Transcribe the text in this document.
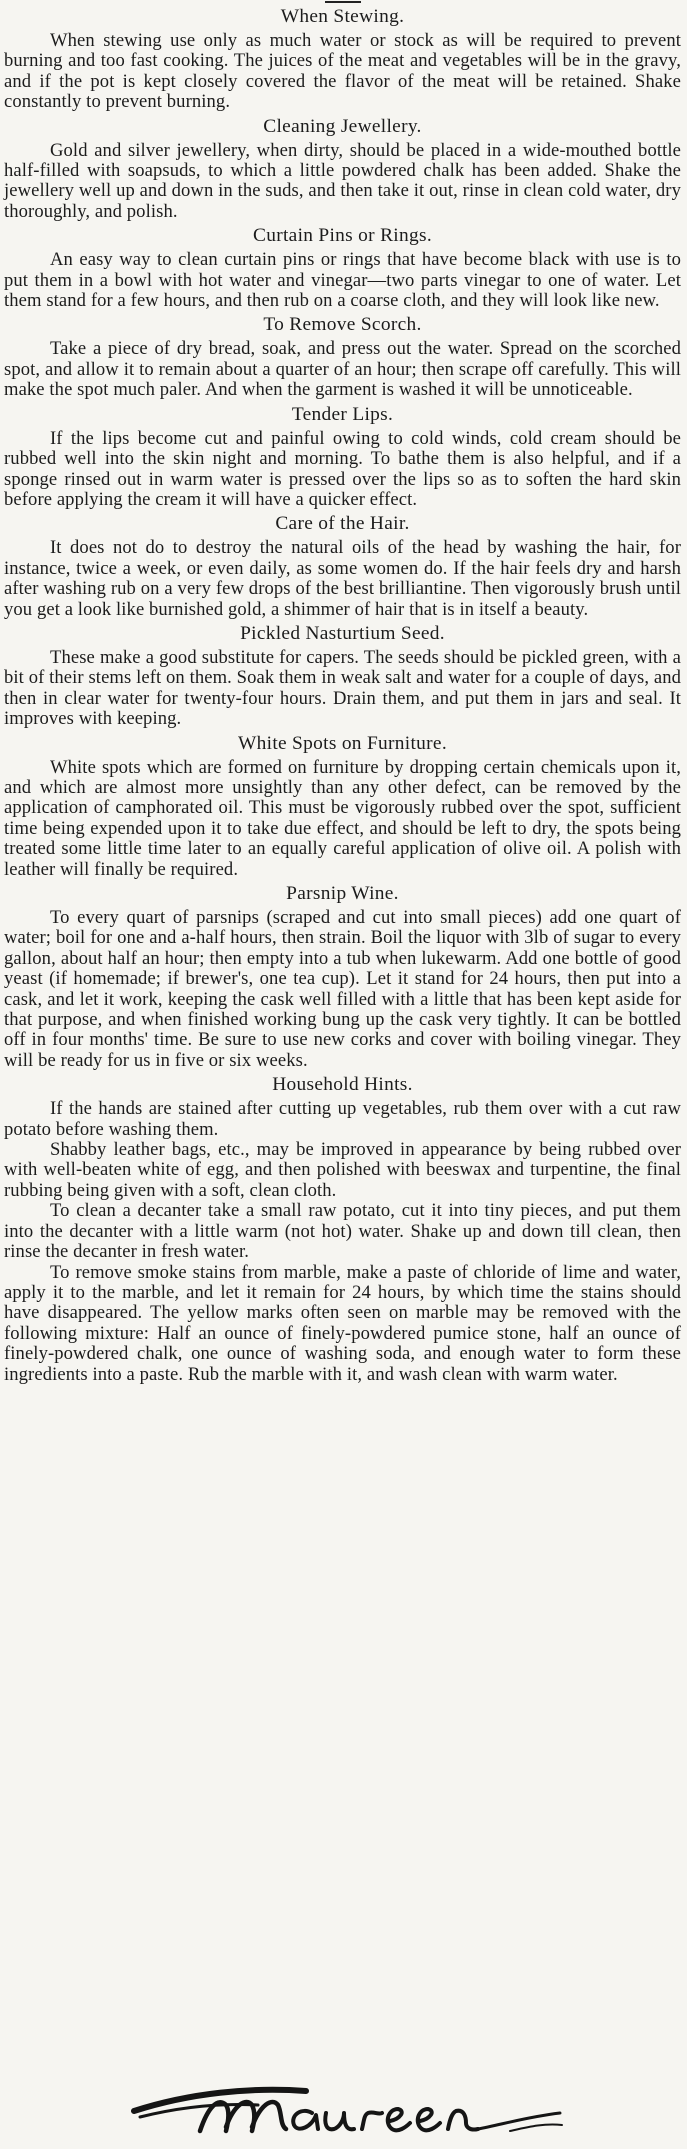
When Stewing.

When stewing use only as much water or stock as will be required to prevent burning and too fast cooking. The juices of the meat and vegetables will be in the gravy, and if the pot is kept closely covered the flavor of the meat will be retained. Shake constantly to prevent burning.

Cleaning Jewellery.

Gold and silver jewellery, when dirty, should be placed in a wide-mouthed bottle half-filled with soapsuds, to which a little powdered chalk has been added. Shake the jewellery well up and down in the suds, and then take it out, rinse in clean cold water, dry thoroughly, and polish.

Curtain Pins or Rings.

An easy way to clean curtain pins or rings that have become black with use is to put them in a bowl with hot water and vinegar—two parts vinegar to one of water. Let them stand for a few hours, and then rub on a coarse cloth, and they will look like new.

To Remove Scorch.

Take a piece of dry bread, soak, and press out the water. Spread on the scorched spot, and allow it to remain about a quarter of an hour; then scrape off carefully. This will make the spot much paler. And when the garment is washed it will be unnoticeable.

Tender Lips.

If the lips become cut and painful owing to cold winds, cold cream should be rubbed well into the skin night and morning. To bathe them is also helpful, and if a sponge rinsed out in warm water is pressed over the lips so as to soften the hard skin before applying the cream it will have a quicker effect.

Care of the Hair.

It does not do to destroy the natural oils of the head by washing the hair, for instance, twice a week, or even daily, as some women do. If the hair feels dry and harsh after washing rub on a very few drops of the best brilliantine. Then vigorously brush until you get a look like burnished gold, a shimmer of hair that is in itself a beauty.

Pickled Nasturtium Seed.

These make a good substitute for capers. The seeds should be pickled green, with a bit of their stems left on them. Soak them in weak salt and water for a couple of days, and then in clear water for twenty-four hours. Drain them, and put them in jars and seal. It improves with keeping.

White Spots on Furniture.

White spots which are formed on furniture by dropping certain chemicals upon it, and which are almost more unsightly than any other defect, can be removed by the application of camphorated oil. This must be vigorously rubbed over the spot, sufficient time being expended upon it to take due effect, and should be left to dry, the spots being treated some little time later to an equally careful application of olive oil. A polish with leather will finally be required.

Parsnip Wine.

To every quart of parsnips (scraped and cut into small pieces) add one quart of water; boil for one and a-half hours, then strain. Boil the liquor with 3lb of sugar to every gallon, about half an hour; then empty into a tub when lukewarm. Add one bottle of good yeast (if homemade; if brewer's, one tea cup). Let it stand for 24 hours, then put into a cask, and let it work, keeping the cask well filled with a little that has been kept aside for that purpose, and when finished working bung up the cask very tightly. It can be bottled off in four months' time. Be sure to use new corks and cover with boiling vinegar. They will be ready for us in five or six weeks.

Household Hints.

If the hands are stained after cutting up vegetables, rub them over with a cut raw potato before washing them.

Shabby leather bags, etc., may be improved in appearance by being rubbed over with well-beaten white of egg, and then polished with beeswax and turpentine, the final rubbing being given with a soft, clean cloth.

To clean a decanter take a small raw potato, cut it into tiny pieces, and put them into the decanter with a little warm (not hot) water. Shake up and down till clean, then rinse the decanter in fresh water.

To remove smoke stains from marble, make a paste of chloride of lime and water, apply it to the marble, and let it remain for 24 hours, by which time the stains should have disappeared. The yellow marks often seen on marble may be removed with the following mixture: Half an ounce of finely-powdered pumice stone, half an ounce of finely-powdered chalk, one ounce of washing soda, and enough water to form these ingredients into a paste. Rub the marble with it, and wash clean with warm water.
